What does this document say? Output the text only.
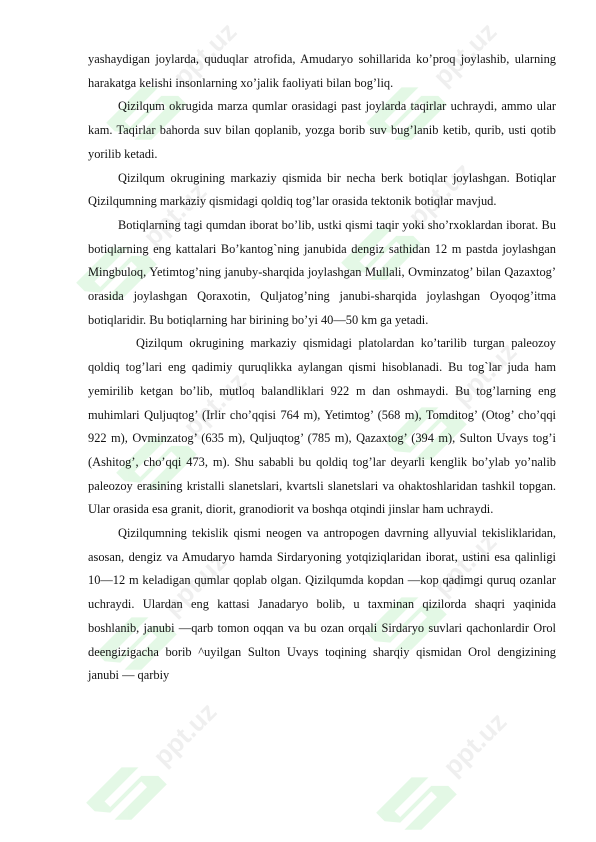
ppt.uz	ppt.uz
ppt.uz	ppt.uz
ppt.uz	ppt.uz
ppt.uz	ppt.uz
ppt.uz	ppt.uz

yashaydigan joylarda, quduqlar atrofida, Amudaryo sohillarida ko’proq joylashib, ularning harakatga kelishi insonlarning xo’jalik faoliyati bilan bog’liq.

Qizilqum okrugida marza qumlar orasidagi past joylarda taqirlar uchraydi, ammo ular kam. Taqirlar bahorda suv bilan qoplanib, yozga borib suv bug’lanib ketib, qurib, usti qotib yorilib ketadi.

Qizilqum okrugining markaziy qismida bir necha berk botiqlar joylashgan. Botiqlar Qizilqumning markaziy qismidagi qoldiq tog’lar orasida tektonik botiqlar mavjud.

Botiqlarning tagi qumdan iborat bo’lib, ustki qismi taqir yoki sho’rxoklardan iborat. Bu botiqlarning eng kattalari Bo’kantog`ning janubida dengiz sathidan 12 m pastda joylashgan Mingbuloq, Yetimtog’ning januby-sharqida joylashgan Mullali, Ovminzatog’ bilan Qazaxtog’ orasida joylashgan Qoraxotin, Quljatog’ning janubi-sharqida joylashgan Oyoqog’itma botiqlaridir. Bu botiqlarning har birining bo’yi 40—50 km ga yetadi.

Qizilqum okrugining markaziy qismidagi platolardan ko’tarilib turgan paleozoy qoldiq tog’lari eng qadimiy quruqlikka aylangan qismi hisoblanadi. Bu tog`lar juda ham yemirilib ketgan bo’lib, mutloq balandliklari 922 m dan oshmaydi. Bu tog’larning eng muhimlari Quljuqtog’ (Irlir cho’qqisi 764 m), Yetimtog’ (568 m), Tomditog’ (Otog’ cho’qqi 922 m), Ovminzatog’ (635 m), Quljuqtog’ (785 m), Qazaxtog’ (394 m), Sulton Uvays tog’i (Ashitog’, cho’qqi 473, m). Shu sababli bu qoldiq tog’lar deyarli kenglik bo’ylab yo’nalib paleozoy erasining kristalli slanetslari, kvartsli slanetslari va ohaktoshlaridan tashkil topgan. Ular orasida esa granit, diorit, granodiorit va boshqa otqindi jinslar ham uchraydi.

Qizilqumning tekislik qismi neogen va antropogen davrning allyuvial tekisliklaridan, asosan, dengiz va Amudaryo hamda Sirdaryoning yotqiziqlaridan iborat, ustini esa qalinligi 10—12 m keladigan qumlar qoplab olgan. Qizilqumda kopdan —kop qadimgi quruq ozanlar uchraydi. Ulardan eng kattasi Janadaryo bolib, u taxminan qizilorda shaqri yaqinida boshlanib, janubi —qarb tomon oqqan va bu ozan orqali Sirdaryo suvlari qachonlardir Orol deengizigacha borib ^uyilgan Sulton Uvays toqining sharqiy qismidan Orol dengizining janubi — qarbiy
